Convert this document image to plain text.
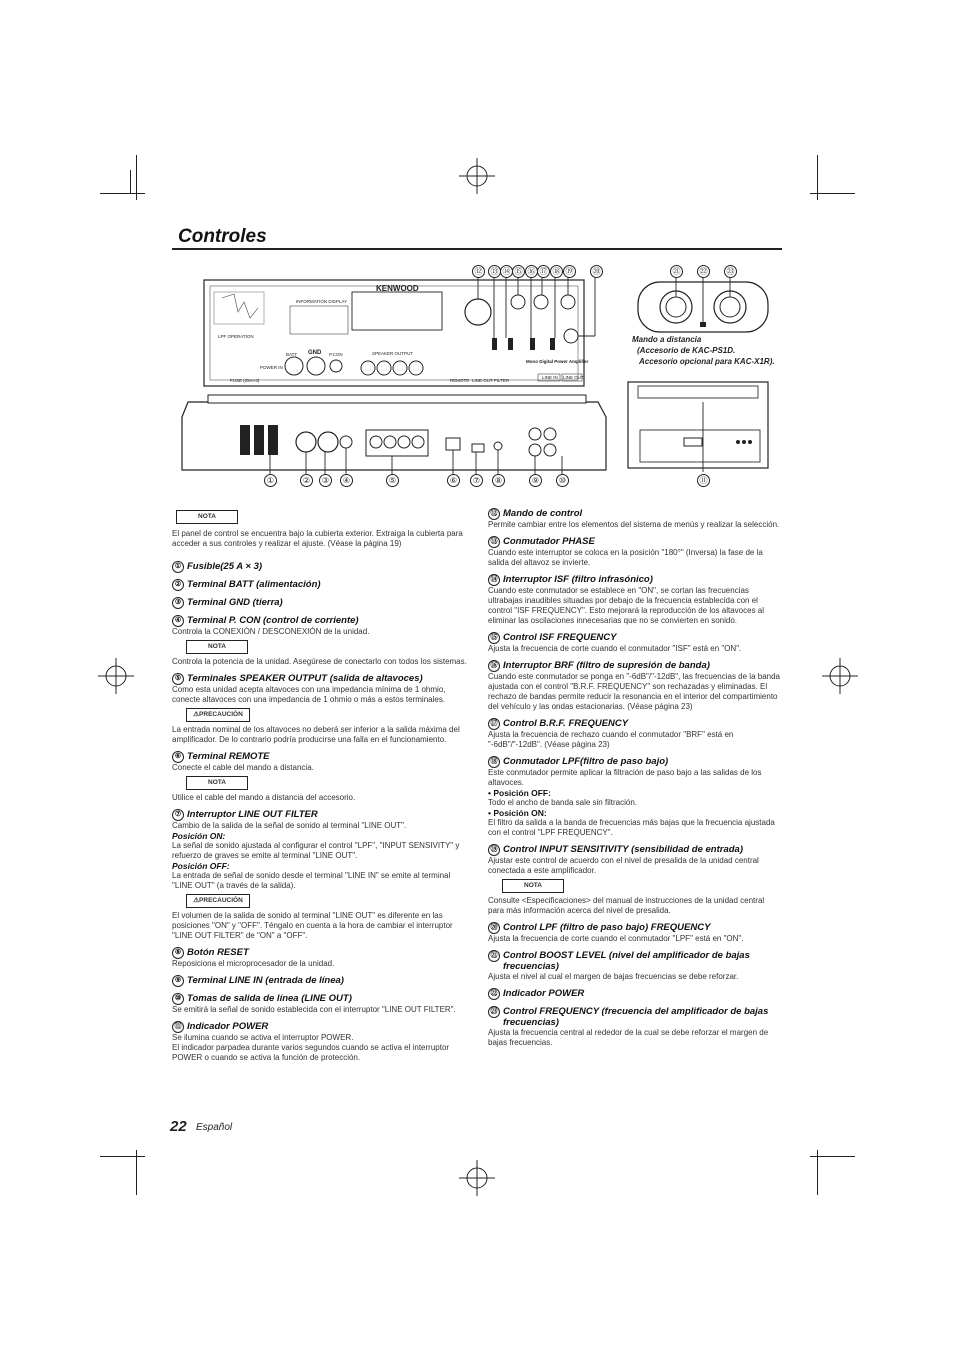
Controles
KENWOOD
INFORMATION DISPLAY
LPF OPERATION
BATT GND P.CON	SPEAKER OUTPUT
POWER IN
FUSE (25A×3)	REMOTE LINE OUT FILTER
LINE IN LINE OUT
Mono Digital Power Amplifier
⑫	⑬ ⑭ ⑮ ⑯ ⑰ ⑱ ⑲	⑳	㉑	㉒	㉓
①	②	③	④	⑤	⑥	⑦	⑧	⑨	⑩	⑪
Mando a distancia
(Accesorio de KAC-PS1D.
Accesorio opcional para KAC-X1R).
NOTA

El panel de control se encuentra bajo la cubierta exterior. Extraiga la cubierta para acceder a sus controles y realizar el ajuste. (Véase la página 19)

① Fusible(25 A × 3)
② Terminal BATT (alimentación)
③ Terminal GND (tierra)
④ Terminal P. CON (control de corriente)

Controla la CONEXIÓN / DESCONEXIÓN de la unidad.

NOTA

Controla la potencia de la unidad. Asegúrese de conectarlo con todos los sistemas.

⑤ Terminales SPEAKER OUTPUT (salida de altavoces)

Como esta unidad acepta altavoces con una impedancia mínima de 1 ohmio, conecte altavoces con una impedancia de 1 ohmio o más a estos terminales.

⚠PRECAUCIÓN

La entrada nominal de los altavoces no deberá ser inferior a la salida máxima del amplificador. De lo contrario podría producirse una falla en el funcionamiento.

⑥ Terminal REMOTE

Conecte el cable del mando a distancia.

NOTA

Utilice el cable del mando a distancia del accesorio.

⑦ Interruptor LINE OUT FILTER

Cambio de la salida de la señal de sonido al terminal "LINE OUT".

Posición ON:

La señal de sonido ajustada al configurar el control "LPF", "INPUT SENSIVITY" y refuerzo de graves se emite al terminal "LINE OUT".

Posición OFF:

La entrada de señal de sonido desde el terminal "LINE IN" se emite al terminal "LINE OUT" (a través de la salida).

⚠PRECAUCIÓN

El volumen de la salida de sonido al terminal "LINE OUT" es diferente en las posiciones "ON" y "OFF". Téngalo en cuenta a la hora de cambiar el interruptor "LINE OUT FILTER" de "ON" a "OFF".

⑧ Botón RESET

Reposiciona el microprocesador de la unidad.

⑨ Terminal LINE IN (entrada de línea)
⑩ Tomas de salida de línea (LINE OUT)

Se emitirá la señal de sonido establecida con el interruptor "LINE OUT FILTER".

⑪ Indicador POWER

Se ilumina cuando se activa el interruptor POWER.

El indicador parpadea durante varios segundos cuando se activa el interruptor POWER o cuando se activa la función de protección.

⑫ Mando de control

Permite cambiar entre los elementos del sistema de menús y realizar la selección.

⑬ Conmutador PHASE

Cuando este interruptor se coloca en la posición "180°" (Inversa) la fase de la salida del altavoz se invierte.

⑭ Interruptor ISF (filtro infrasónico)

Cuando este conmutador se establece en "ON", se cortan las frecuencias ultrabajas inaudibles situadas por debajo de la frecuencia establecida con el control "ISF FREQUENCY". Esto mejorará la reproducción de los altavoces al eliminar las oscilaciones innecesarias que no se convierten en sonido.

⑮ Control ISF FREQUENCY

Ajusta la frecuencia de corte cuando el conmutador "ISF" está en "ON".

⑯ Interruptor BRF (filtro de supresión de banda)

Cuando este conmutador se ponga en "-6dB"/"-12dB", las frecuencias de la banda ajustada con el control "B.R.F. FREQUENCY" son rechazadas y eliminadas. El rechazo de bandas permite reducir la resonancia en el interior del compartimiento del vehículo y las ondas estacionarias. (Véase página 23)

⑰ Control B.R.F. FREQUENCY

Ajusta la frecuencia de rechazo cuando el conmutador "BRF" está en "-6dB"/"-12dB". (Véase página 23)

⑱ Conmutador LPF(filtro de paso bajo)

Este conmutador permite aplicar la filtración de paso bajo a las salidas de los altavoces.

• Posición OFF:

Todo el ancho de banda sale sin filtración.

• Posición ON:

El filtro da salida a la banda de frecuencias más bajas que la frecuencia ajustada con el control "LPF FREQUENCY".

⑲ Control INPUT SENSITIVITY (sensibilidad de entrada)

Ajustar este control de acuerdo con el nivel de presalida de la unidad central conectada a este amplificador.

NOTA

Consulte <Especificaciones> del manual de instrucciones de la unidad central para más información acerca del nivel de presalida.

⑳ Control LPF (filtro de paso bajo) FREQUENCY

Ajusta la frecuencia de corte cuando el conmutador "LPF" está en "ON".

㉑ Control BOOST LEVEL (nivel del amplificador de bajas frecuencias)

Ajusta el nivel al cual el margen de bajas frecuencias se debe reforzar.

㉒ Indicador POWER
㉓ Control FREQUENCY (frecuencia del amplificador de bajas frecuencias)

Ajusta la frecuencia central al rededor de la cual se debe reforzar el margen de bajas frecuencias.

22 Español
